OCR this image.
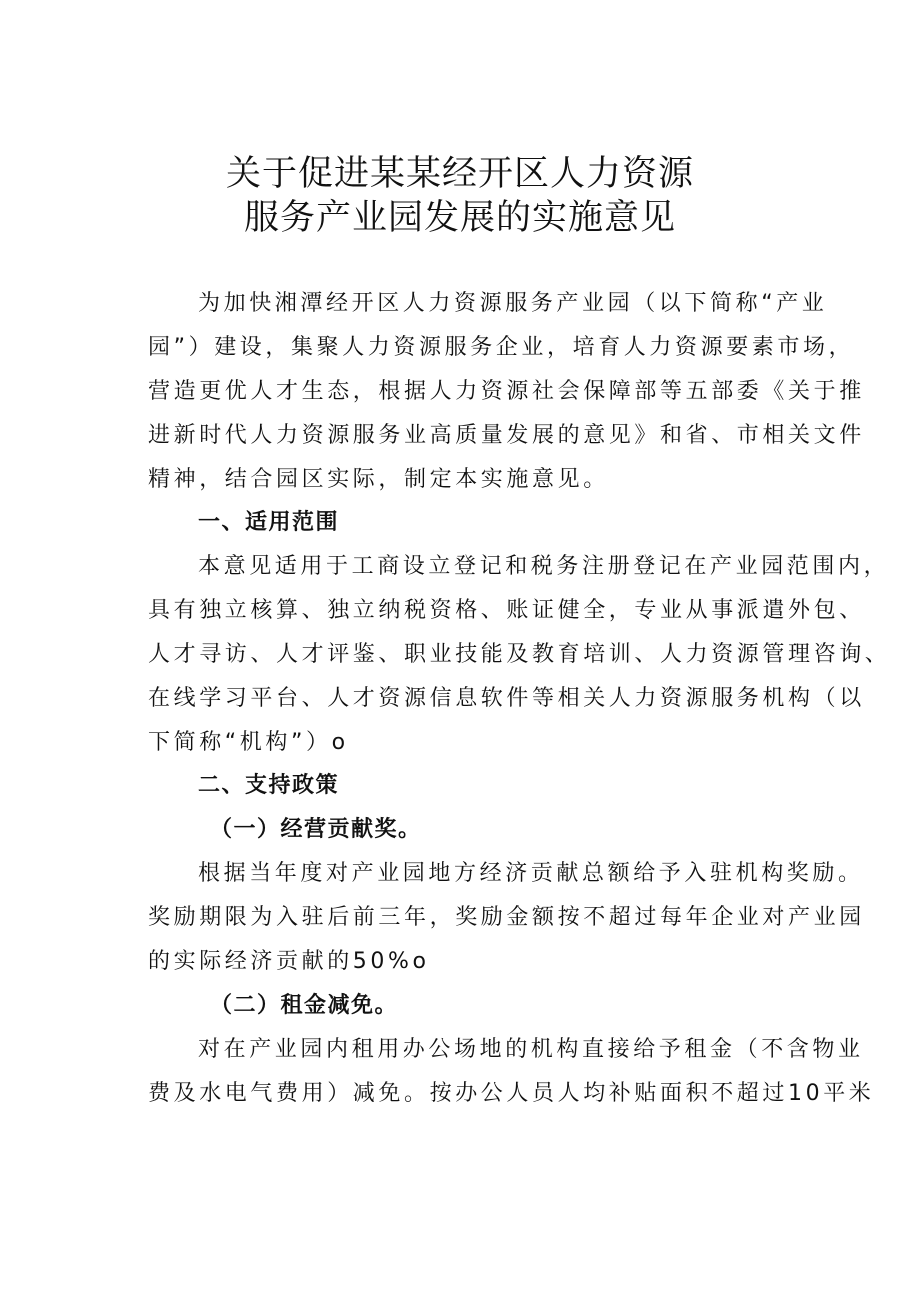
关于促进某某经开区人力资源
服务产业园发展的实施意见
为加快湘潭经开区人力资源服务产业园（以下简称“产业
园”）建设，集聚人力资源服务企业，培育人力资源要素市场，
营造更优人才生态，根据人力资源社会保障部等五部委《关于推
进新时代人力资源服务业高质量发展的意见》和省、市相关文件
精神，结合园区实际，制定本实施意见。
一、适用范围
本意见适用于工商设立登记和税务注册登记在产业园范围内，
具有独立核算、独立纳税资格、账证健全，专业从事派遣外包、
人才寻访、人才评鉴、职业技能及教育培训、人力资源管理咨询、
在线学习平台、人才资源信息软件等相关人力资源服务机构（以
下简称“机构”）o
二、支持政策
（一）经营贡献奖。
根据当年度对产业园地方经济贡献总额给予入驻机构奖励。
奖励期限为入驻后前三年，奖励金额按不超过每年企业对产业园
的实际经济贡献的50%o
（二）租金减免。
对在产业园内租用办公场地的机构直接给予租金（不含物业
费及水电气费用）减免。按办公人员人均补贴面积不超过10平米
